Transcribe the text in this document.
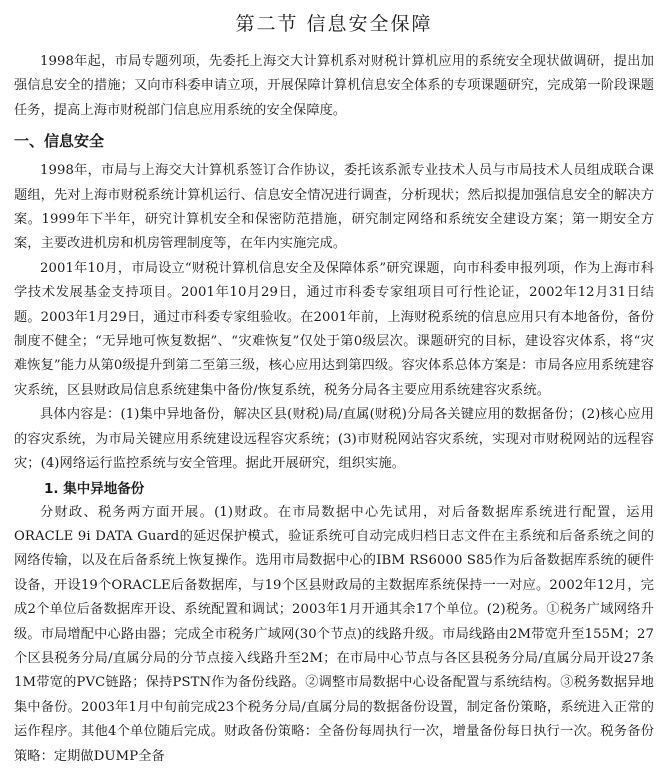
第二节 信息安全保障

1998年起，市局专题列项，先委托上海交大计算机系对财税计算机应用的系统安全现状做调研，提出加强信息安全的措施；又向市科委申请立项，开展保障计算机信息安全体系的专项课题研究，完成第一阶段课题任务，提高上海市财税部门信息应用系统的安全保障度。

一、信息安全

1998年，市局与上海交大计算机系签订合作协议，委托该系派专业技术人员与市局技术人员组成联合课题组，先对上海市财税系统计算机运行、信息安全情况进行调查，分析现状；然后拟提加强信息安全的解决方案。1999年下半年，研究计算机安全和保密防范措施，研究制定网络和系统安全建设方案；第一期安全方案，主要改进机房和机房管理制度等，在年内实施完成。

2001年10月，市局设立“财税计算机信息安全及保障体系”研究课题，向市科委申报列项，作为上海市科学技术发展基金支持项目。2001年10月29日，通过市科委专家组项目可行性论证，2002年12月31日结题。2003年1月29日，通过市科委专家组验收。在2001年前，上海财税系统的信息应用只有本地备份，备份制度不健全；“无异地可恢复数据”、“灾难恢复”仅处于第0级层次。课题研究的目标，建设容灾体系，将“灾难恢复”能力从第0级提升到第二至第三级，核心应用达到第四级。容灾体系总体方案是：市局各应用系统建容灾系统，区县财政局信息系统建集中备份/恢复系统，税务分局各主要应用系统建容灾系统。

具体内容是：(1)集中异地备份，解决区县(财税)局/直属(财税)分局各关键应用的数据备份；(2)核心应用的容灾系统，为市局关键应用系统建设远程容灾系统；(3)市财税网站容灾系统，实现对市财税网站的远程容灾；(4)网络运行监控系统与安全管理。据此开展研究，组织实施。

1. 集中异地备份

分财政、税务两方面开展。(1)财政。在市局数据中心先试用，对后备数据库系统进行配置，运用ORACLE 9i DATA Guard的延迟保护模式，验证系统可自动完成归档日志文件在主系统和后备系统之间的网络传输，以及在后备系统上恢复操作。选用市局数据中心的IBM RS6000 S85作为后备数据库系统的硬件设备，开设19个ORACLE后备数据库，与19个区县财政局的主数据库系统保持一一对应。2002年12月，完成2个单位后备数据库开设、系统配置和调试；2003年1月开通其余17个单位。(2)税务。①税务广域网络升级。市局增配中心路由器；完成全市税务广域网(30个节点)的线路升级。市局线路由2M带宽升至155M；27个区县税务分局/直属分局的分节点接入线路升至2M；在市局中心节点与各区县税务分局/直属分局开设27条1M带宽的PVC链路；保持PSTN作为备份线路。②调整市局数据中心设备配置与系统结构。③税务数据异地集中备份。2003年1月中旬前完成23个税务分局/直属分局的数据备份设置，制定备份策略，系统进入正常的运作程序。其他4个单位随后完成。财政备份策略：全备份每周执行一次，增量备份每日执行一次。税务备份策略：定期做DUMP全备
